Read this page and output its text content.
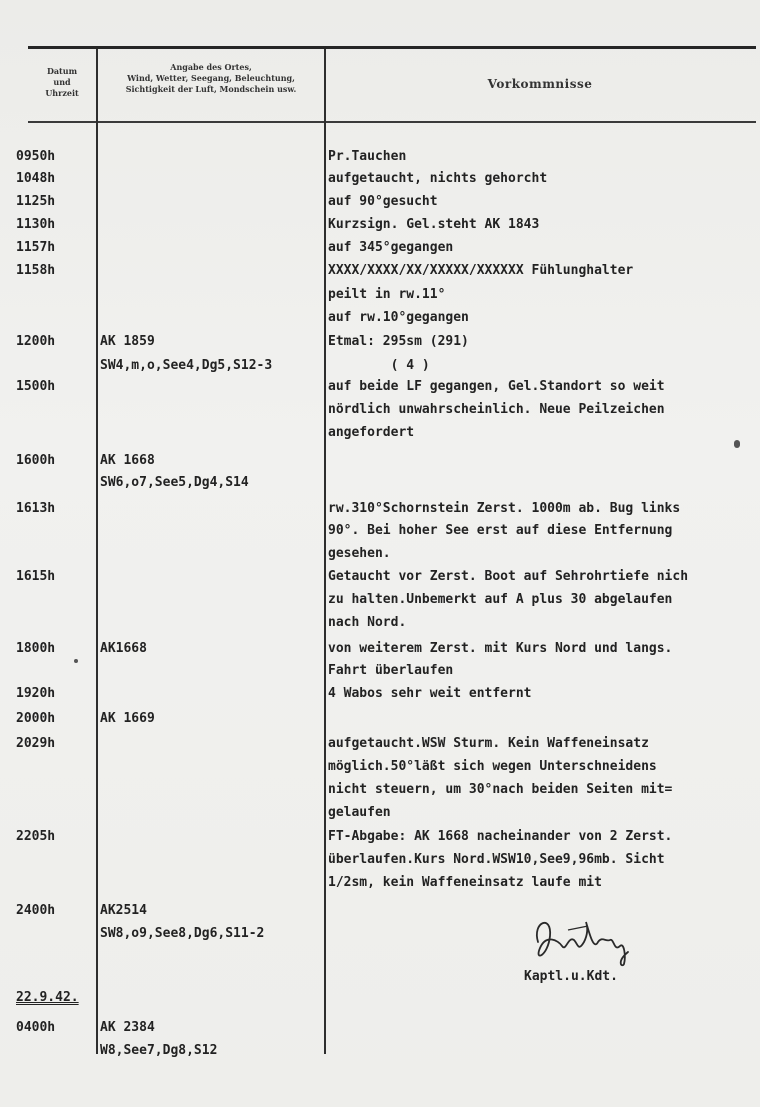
Datum
und
Uhrzeit
Angabe des Ortes,
Wind, Wetter, Seegang, Beleuchtung,
Sichtigkeit der Luft, Mondschein usw.	Vorkommnisse
0950h	Pr.Tauchen
1048h	aufgetaucht, nichts gehorcht
1125h	auf 90°gesucht
1130h	Kurzsign. Gel.steht AK 1843
1157h	auf 345°gegangen
1158h	XXXX/XXXX/XX/XXXXX/XXXXXX Fühlunghalter
peilt in rw.11°
auf rw.10°gegangen
1200h	AK 1859	Etmal: 295sm (291)
SW4,m,o,See4,Dg5,S12-3	( 4 )
1500h	auf beide LF gegangen, Gel.Standort so weit
nördlich unwahrscheinlich. Neue Peilzeichen
angefordert
1600h	AK 1668
SW6,o7,See5,Dg4,S14
1613h	rw.310°Schornstein Zerst. 1000m ab. Bug links
90°. Bei hoher See erst auf diese Entfernung
gesehen.
1615h	Getaucht vor Zerst. Boot auf Sehrohrtiefe nich
zu halten.Unbemerkt auf A plus 30 abgelaufen
nach Nord.
1800h	AK1668	von weiterem Zerst. mit Kurs Nord und langs.
Fahrt überlaufen
1920h	4 Wabos sehr weit entfernt
2000h	AK 1669
2029h	aufgetaucht.WSW Sturm. Kein Waffeneinsatz
möglich.50°läßt sich wegen Unterschneidens
nicht steuern, um 30°nach beiden Seiten mit=
gelaufen
2205h	FT-Abgabe: AK 1668 nacheinander von 2 Zerst.
überlaufen.Kurs Nord.WSW10,See9,96mb. Sicht
1/2sm, kein Waffeneinsatz laufe mit
2400h	AK2514
SW8,o9,See8,Dg6,S11-2
22.9.42.
0400h	AK 2384
W8,See7,Dg8,S12
Kaptl.u.Kdt.
